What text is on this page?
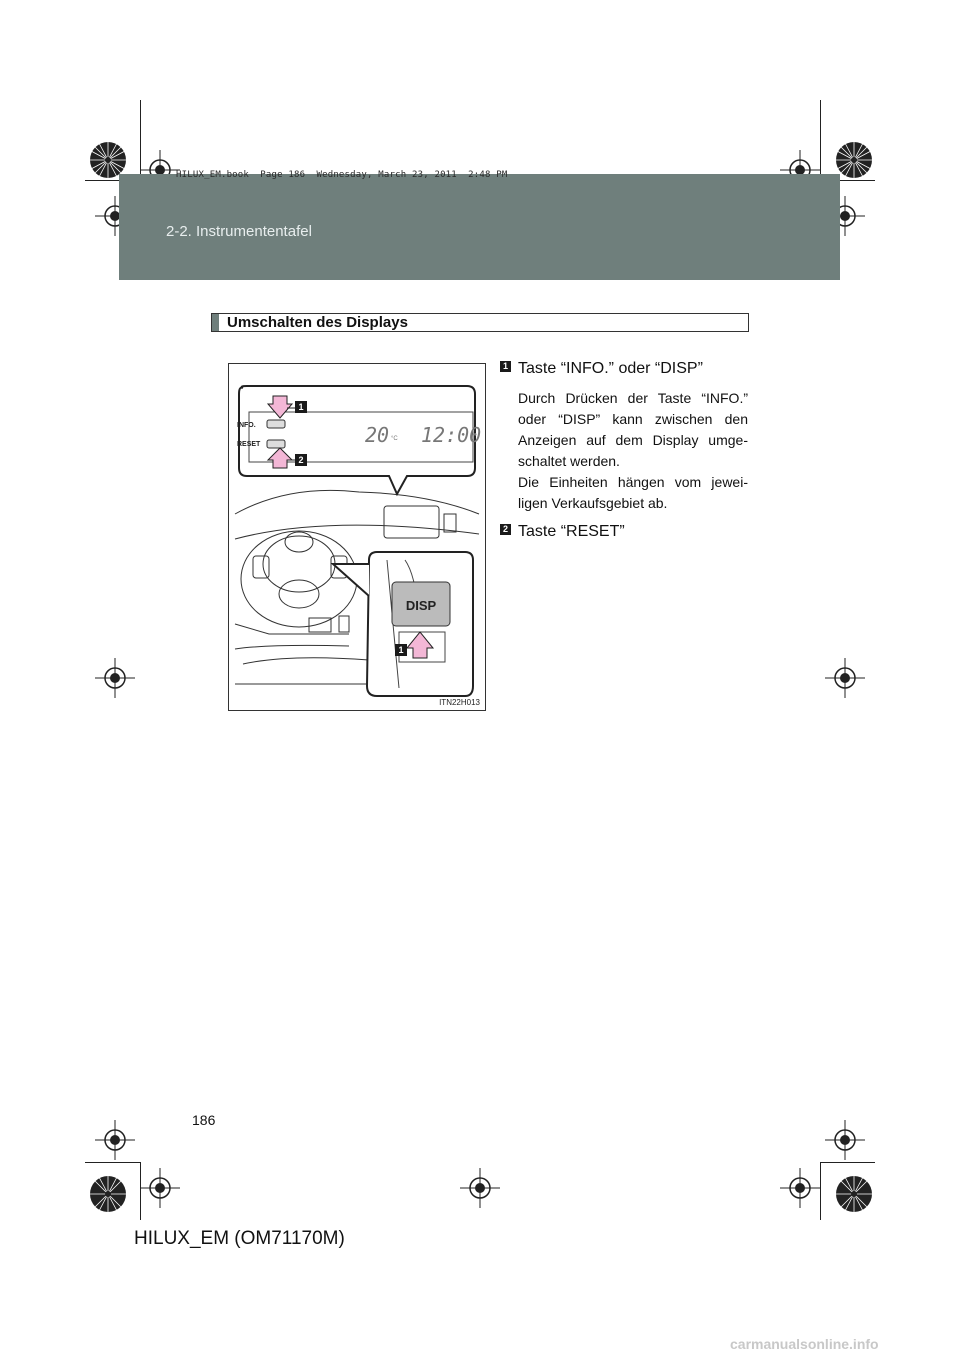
HILUX_EM.book  Page 186  Wednesday, March 23, 2011  2:48 PM
2-2. Instrumententafel
Umschalten des Displays
INFO.
RESET	20 °C 12:00
1
2
DISP
1
ITN22H013
1 Taste “INFO.” oder “DISP”

Durch Drücken der Taste “INFO.” oder “DISP” kann zwischen den Anzeigen auf dem Display umge-schaltet werden.

Die Einheiten hängen vom jewei-ligen Verkaufsgebiet ab.

2 Taste “RESET”
186
HILUX_EM (OM71170M)
carmanualsonline.info
